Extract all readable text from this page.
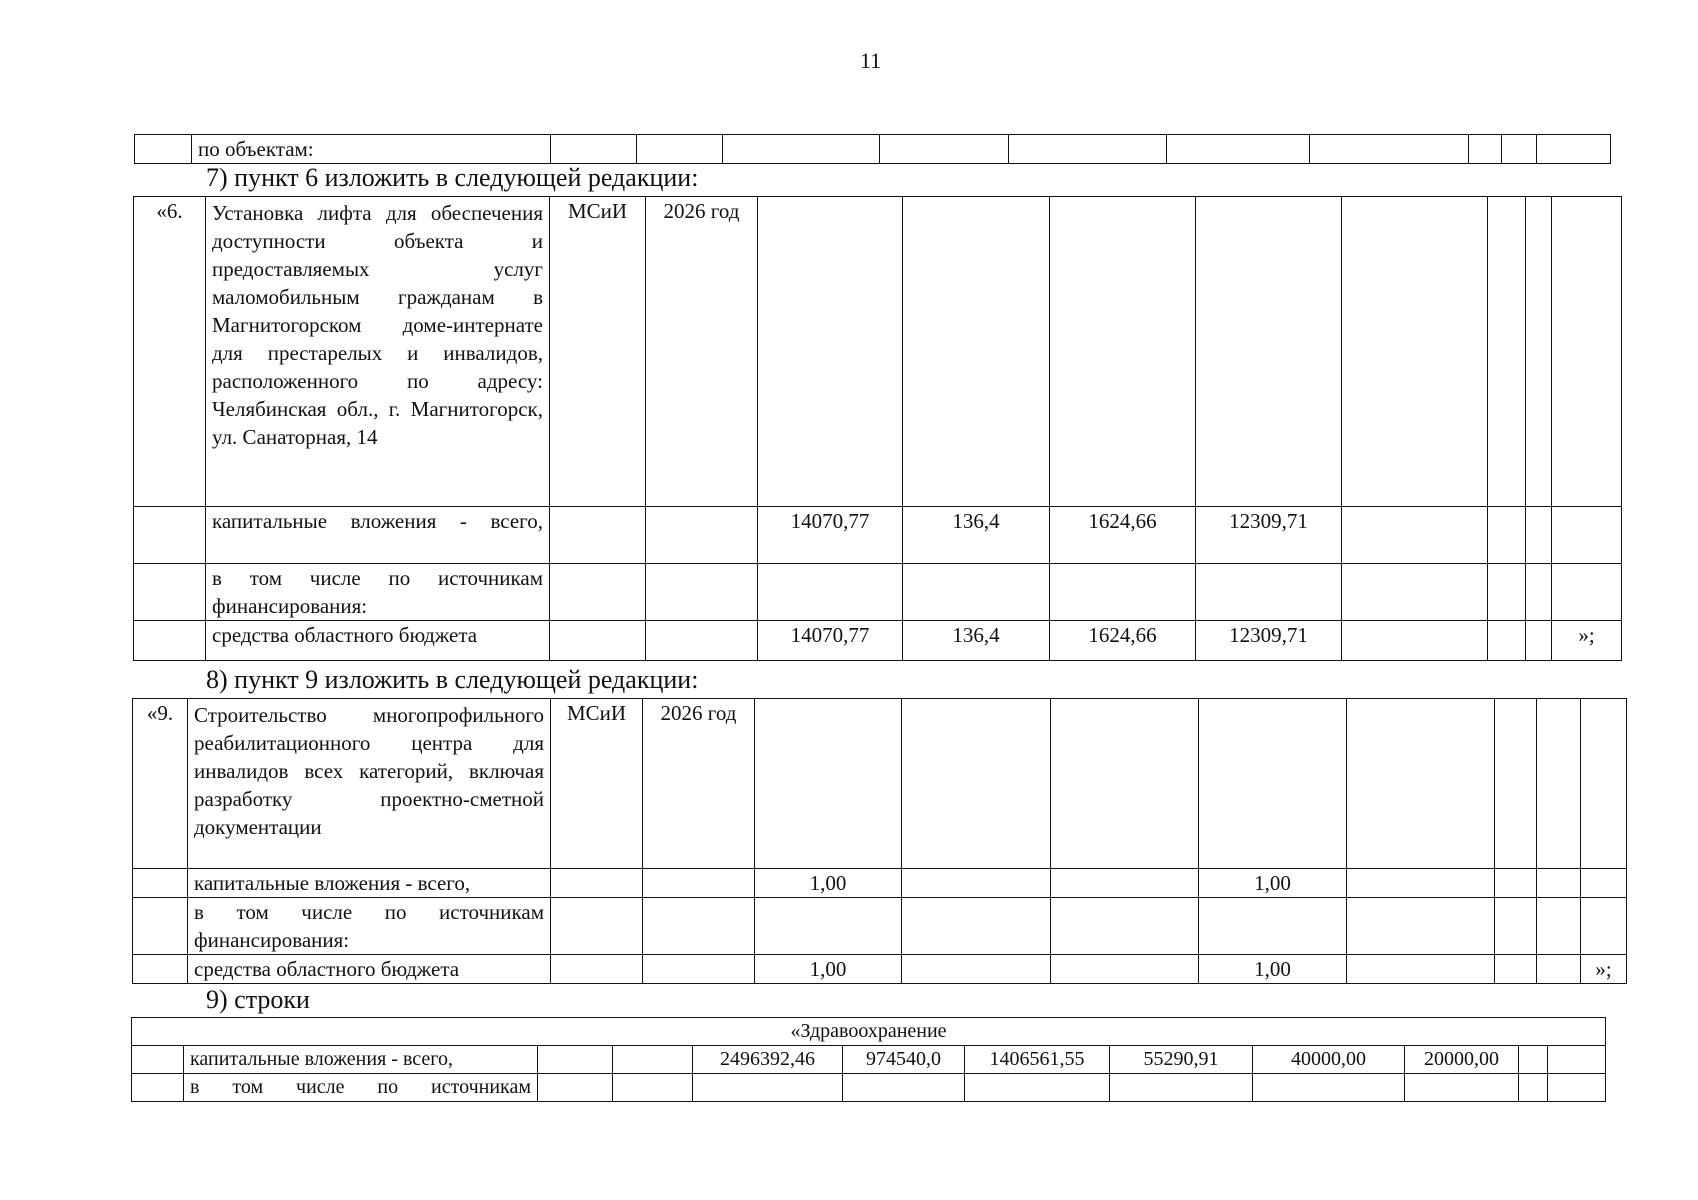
11
	по объектам:										
7) пункт 6 изложить в следующей редакции:
«6.	Установка лифта для обеспечения доступности объекта и предоставляемых услуг маломобильным гражданам в Магнитогорском доме-интернате для престарелых и инвалидов, расположенного по адресу: Челябинская обл., г. Магнитогорск, ул. Санаторная, 14	МСиИ	2026 год								
	капитальные вложения - всего,			14070,77	136,4	1624,66	12309,71				
	в том числе по источникам финансирования:										
	средства областного бюджета			14070,77	136,4	1624,66	12309,71				»;
8) пункт 9 изложить в следующей редакции:
«9.	Строительство многопрофильного реабилитационного центра для инвалидов всех категорий, включая разработку проектно-сметной документации	МСиИ	2026 год								
	капитальные вложения - всего,			1,00			1,00				
	в том числе по источникам финансирования:										
	средства областного бюджета			1,00			1,00				»;
9) строки
«Здравоохранение											
	капитальные вложения - всего,			2496392,46	974540,0	1406561,55	55290,91	40000,00	20000,00		
	в том числе по источникам										
